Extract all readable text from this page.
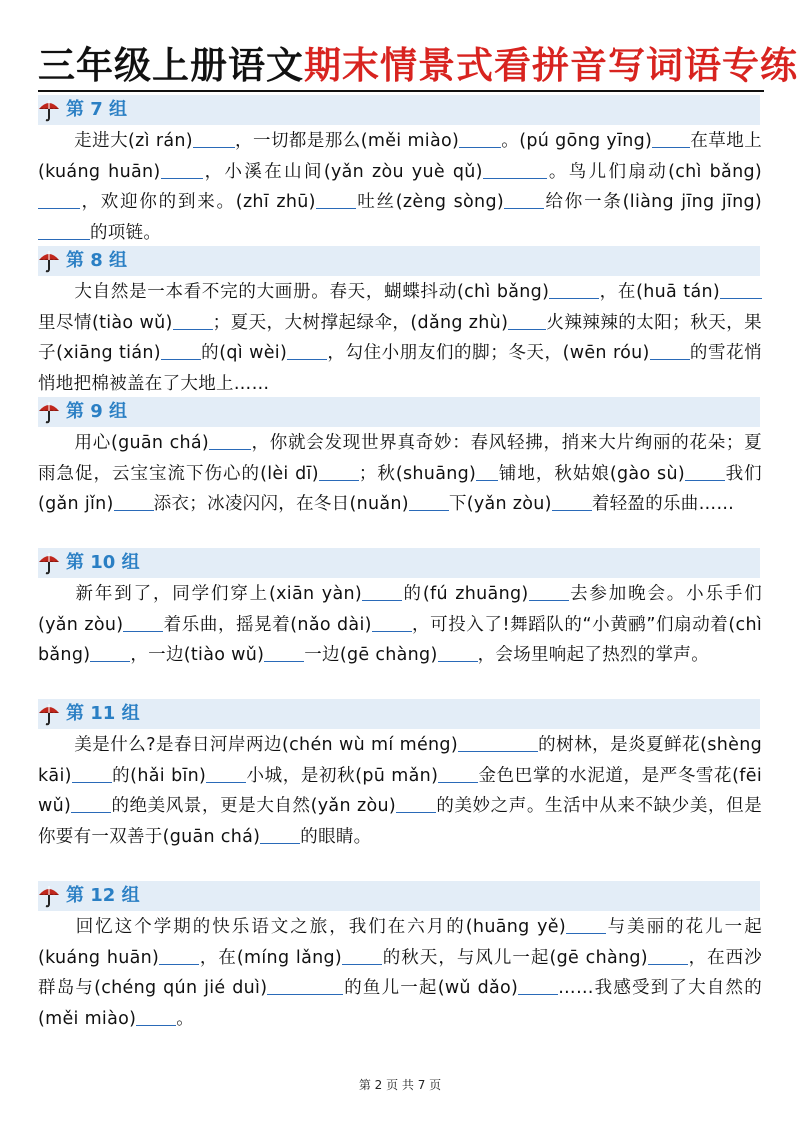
三年级上册语文期末情景式看拼音写词语专练
第 7 组
走进大(zì rán) ，一切都是那么(měi miào) 。(pú gōng yīng) 在草地上(kuáng huān) ，小溪在山间(yǎn zòu yuè qǔ)	。鸟儿们扇动(chì bǎng)，欢迎你的到来。(zhī zhū) 吐丝(zèng sòng) 给你一条(liàng jīng jīng)的项链。
第 8 组
大自然是一本看不完的大画册。春天，蝴蝶抖动(chì bǎng)	，在(huā tán)里尽情(tiào wǔ) ；夏天，大树撑起绿伞，(dǎng zhù) 火辣辣辣的太阳；秋天，果子(xiāng tián) 的(qì wèi) ，勾住小朋友们的脚；冬天，(wēn róu) 的雪花悄悄地把棉被盖在了大地上……
第 9 组
用心(guān chá) ，你就会发现世界真奇妙：春风轻拂，捎来大片绚丽的花朵；夏雨急促，云宝宝流下伤心的(lèi dī) ；秋(shuāng) 铺地，秋姑娘(gào sù) 我们(gǎn jǐn) 添衣；冰凌闪闪，在冬日(nuǎn) 下(yǎn zòu) 着轻盈的乐曲……
第 10 组
新年到了，同学们穿上(xiān yàn) 的(fú zhuāng) 去参加晚会。小乐手们(yǎn zòu) 着乐曲，摇晃着(nǎo dài) ，可投入了!舞蹈队的“小黄鹂”们扇动着(chì bǎng) ，一边(tiào wǔ) 一边(gē chàng) ，会场里响起了热烈的掌声。
第 11 组
美是什么?是春日河岸两边(chén wù mí méng)	的树林，是炎夏鲜花(shèng kāi) 的(hǎi bīn) 小城，是初秋(pū mǎn) 金色巴掌的水泥道，是严冬雪花(fēi wǔ) 的绝美风景，更是大自然(yǎn zòu) 的美妙之声。生活中从来不缺少美，但是你要有一双善于(guān chá) 的眼睛。
第 12 组
回忆这个学期的快乐语文之旅，我们在六月的(huāng yě) 与美丽的花儿一起(kuáng huān) ，在(míng lǎng) 的秋天，与风儿一起(gē chàng) ，在西沙群岛与(chéng qún jié duì)	的鱼儿一起(wǔ dǎo) ……我感受到了大自然的(měi miào) 。
第 2 页 共 7 页
